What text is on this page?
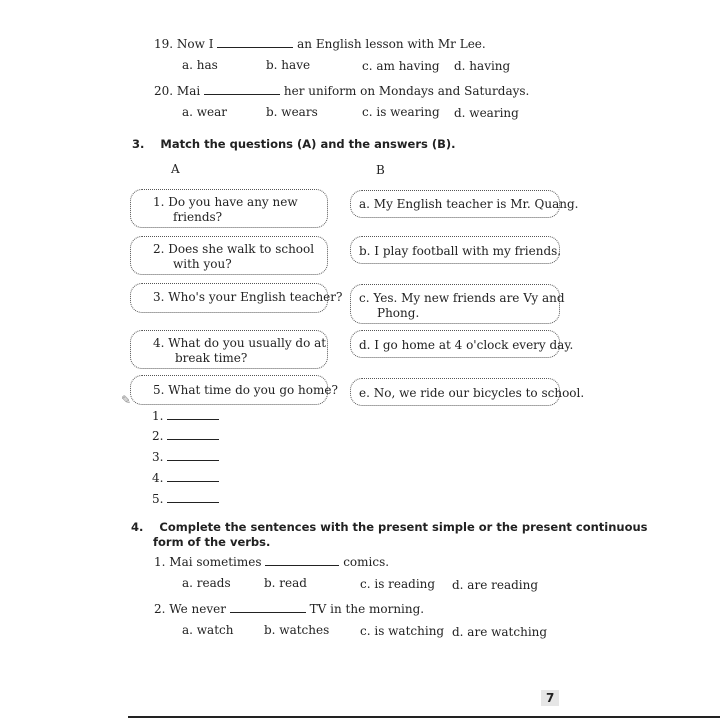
19. Now I	an English lesson with Mr Lee.
a. has	b. have	c. am having d. having
20. Mai	her uniform on Mondays and Saturdays.
a. wear	b. wears	c. is wearing d. wearing
3. Match the questions (A) and the answers (B).
A	B
1. Do you have any new
friends?
2. Does she walk to school
with you?
3. Who's your English teacher?
4. What do you usually do at
break time?
5. What time do you go home?
a. My English teacher is Mr. Quang.
b. I play football with my friends.
c. Yes. My new friends are Vy and
Phong.
d. I go home at 4 o'clock every day.
e. No, we ride our bicycles to school.
1.
2.
3.
4.
5.
4. Complete the sentences with the present simple or the present continuous
form of the verbs.
1. Mai sometimes	comics.
a. reads	b. read	c. is reading d. are reading
2. We never	TV in the morning.
a. watch	b. watches	c. is watching d. are watching
✎
7
